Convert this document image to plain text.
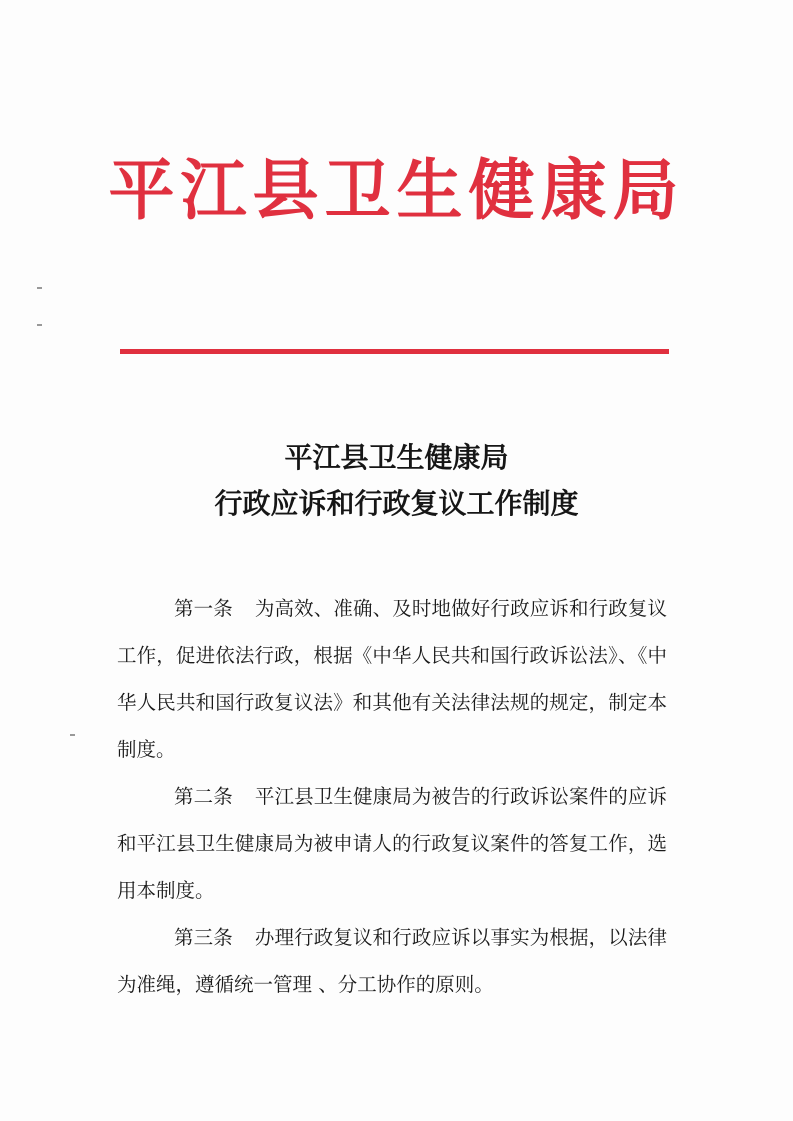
平江县卫生健康局
平江县卫生健康局
行政应诉和行政复议工作制度

第一条 为高效、准确、及时地做好行政应诉和行政复议工作，促进依法行政，根据《中华人民共和国行政诉讼法》、《中华人民共和国行政复议法》和其他有关法律法规的规定，制定本制度。

第二条 平江县卫生健康局为被告的行政诉讼案件的应诉和平江县卫生健康局为被申请人的行政复议案件的答复工作，选用本制度。

第三条 办理行政复议和行政应诉以事实为根据，以法律为准绳，遵循统一管理 、分工协作的原则。
